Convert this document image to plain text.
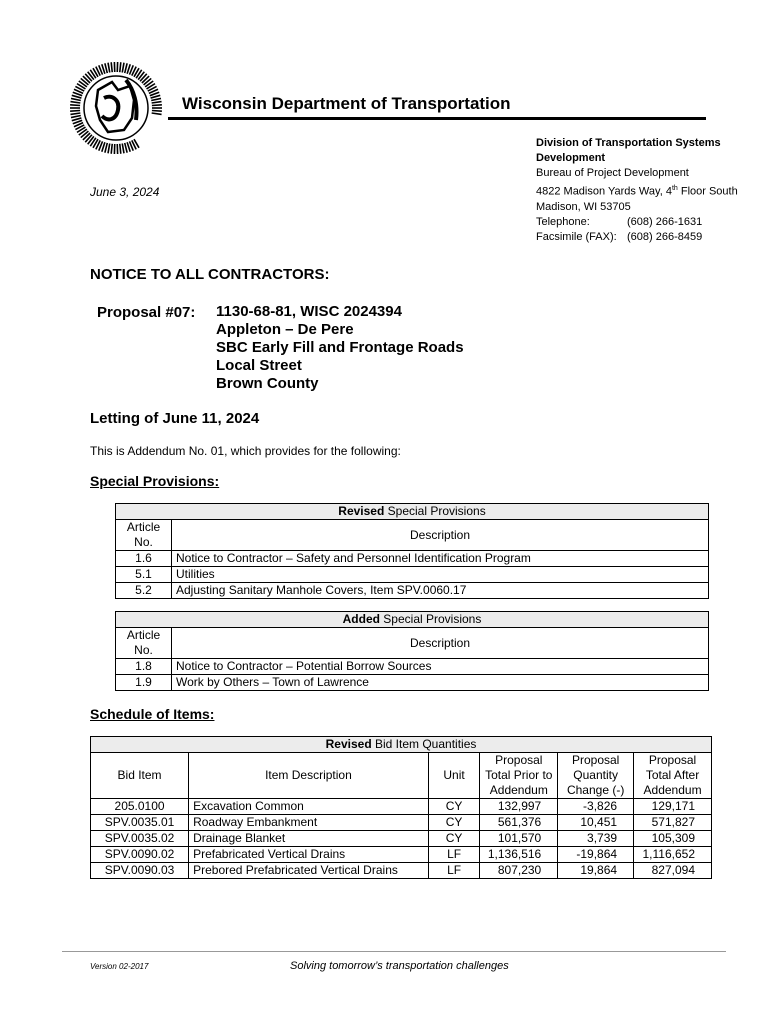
Wisconsin Department of Transportation
Division of Transportation Systems Development
Bureau of Project Development
4822 Madison Yards Way, 4th Floor South
Madison, WI 53705
Telephone:	(608) 266-1631
Facsimile (FAX): (608) 266-8459
June 3, 2024
NOTICE TO ALL CONTRACTORS:
Proposal #07: 1130-68-81, WISC 2024394
Appleton – De Pere
SBC Early Fill and Frontage Roads
Local Street
Brown County
Letting of June 11, 2024
This is Addendum No. 01, which provides for the following:
Special Provisions:
Revised Special Provisions	
Article No.	Description
1.6	Notice to Contractor – Safety and Personnel Identification Program
5.1	Utilities
5.2	Adjusting Sanitary Manhole Covers, Item SPV.0060.17
Added Special Provisions	
Article No.	Description
1.8	Notice to Contractor – Potential Borrow Sources
1.9	Work by Others – Town of Lawrence
Schedule of Items:
Revised Bid Item Quantities					
Bid Item	Item Description	Unit	Proposal Total Prior to Addendum	Proposal Quantity Change (-)	Proposal Total After Addendum
205.0100	Excavation Common	CY	132,997	-3,826	129,171
SPV.0035.01	Roadway Embankment	CY	561,376	10,451	571,827
SPV.0035.02	Drainage Blanket	CY	101,570	3,739	105,309
SPV.0090.02	Prefabricated Vertical Drains	LF	1,136,516	-19,864	1,116,652
SPV.0090.03	Prebored Prefabricated Vertical Drains	LF	807,230	19,864	827,094
Version 02-2017	Solving tomorrow’s transportation challenges
